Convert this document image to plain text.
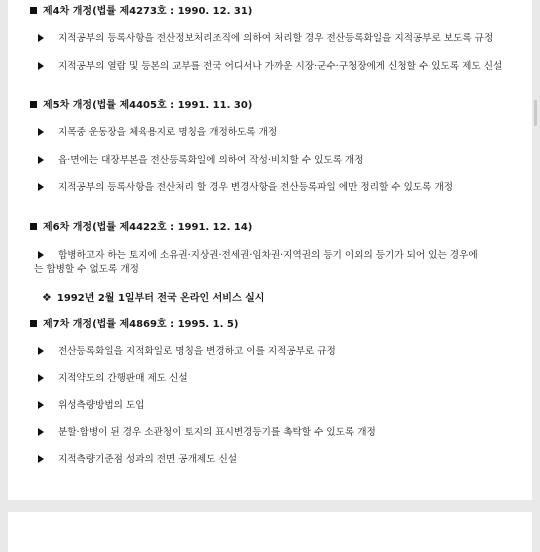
제4차 개정(법률 제4273호 : 1990. 12. 31)
지적공부의 등록사항을 전산정보처리조직에 의하여 처리할 경우 전산등록화일을 지적공부로 보도록 규정
지적공부의 열람 및 등본의 교부를 전국 어디서나 가까운 시장·군수·구청장에게 신청할 수 있도록 제도 신설
제5차 개정(법률 제4405호 : 1991. 11. 30)
지목중 운동장을 체육용지로 명칭을 개정하도록 개정
읍·면에는 대장부본을 전산등록화일에 의하여 작성·비치할 수 있도록 개정
지적공부의 등록사항을 전산처리 할 경우 변경사항을 전산등록파일 에만 정리할 수 있도록 개정
제6차 개정(법률 제4422호 : 1991. 12. 14)
합병하고자 하는 토지에 소유권·지상권·전세권·임차권·지역권의 등기 이외의 등기가 되어 있는 경우에
는 합병할 수 없도록 개정
❖ 1992년 2월 1일부터 전국 온라인 서비스 실시
제7차 개정(법률 제4869호 : 1995. 1. 5)
전산등록화일을 지적화일로 명칭을 변경하고 이를 지적공부로 규정
지적약도의 간행판매 제도 신설
위성측량방법의 도입
분할·합병이 된 경우 소관청이 토지의 표시변경등기를 촉탁할 수 있도록 개정
지적측량기준점 성과의 전면 공개제도 신설
